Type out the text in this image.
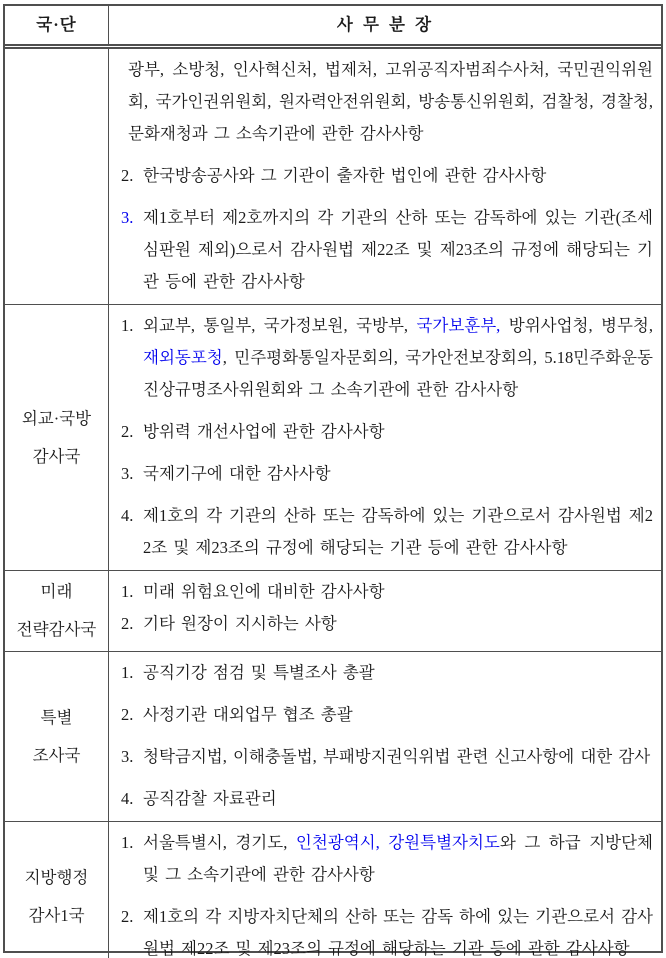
국·단	사 무 분 장
광부, 소방청, 인사혁신처, 법제처, 고위공직자범죄수사처, 국민권익위원회, 국가인권위원회, 원자력안전위원회, 방송통신위원회, 검찰청, 경찰청, 문화재청과 그 소속기관에 관한 감사사항
2. 한국방송공사와 그 기관이 출자한 법인에 관한 감사사항
3. 제1호부터 제2호까지의 각 기관의 산하 또는 감독하에 있는 기관(조세심판원 제외)으로서 감사원법 제22조 및 제23조의 규정에 해당되는 기관 등에 관한 감사사항
외교·국방
감사국
1. 외교부, 통일부, 국가정보원, 국방부, 국가보훈부, 방위사업청, 병무청, 재외동포청, 민주평화통일자문회의, 국가안전보장회의, 5.18민주화운동진상규명조사위원회와 그 소속기관에 관한 감사사항
2. 방위력 개선사업에 관한 감사사항
3. 국제기구에 대한 감사사항
4. 제1호의 각 기관의 산하 또는 감독하에 있는 기관으로서 감사원법 제22조 및 제23조의 규정에 해당되는 기관 등에 관한 감사사항
미래
전략감사국
1. 미래 위험요인에 대비한 감사사항
2. 기타 원장이 지시하는 사항
특별
조사국
1. 공직기강 점검 및 특별조사 총괄
2. 사정기관 대외업무 협조 총괄
3. 청탁금지법, 이해충돌법, 부패방지권익위법 관련 신고사항에 대한 감사
4. 공직감찰 자료관리
지방행정
감사1국
1. 서울특별시, 경기도, 인천광역시, 강원특별자치도와 그 하급 지방단체 및 그 소속기관에 관한 감사사항
2. 제1호의 각 지방자치단체의 산하 또는 감독 하에 있는 기관으로서 감사원법 제22조 및 제23조의 규정에 해당하는 기관 등에 관한 감사사항
